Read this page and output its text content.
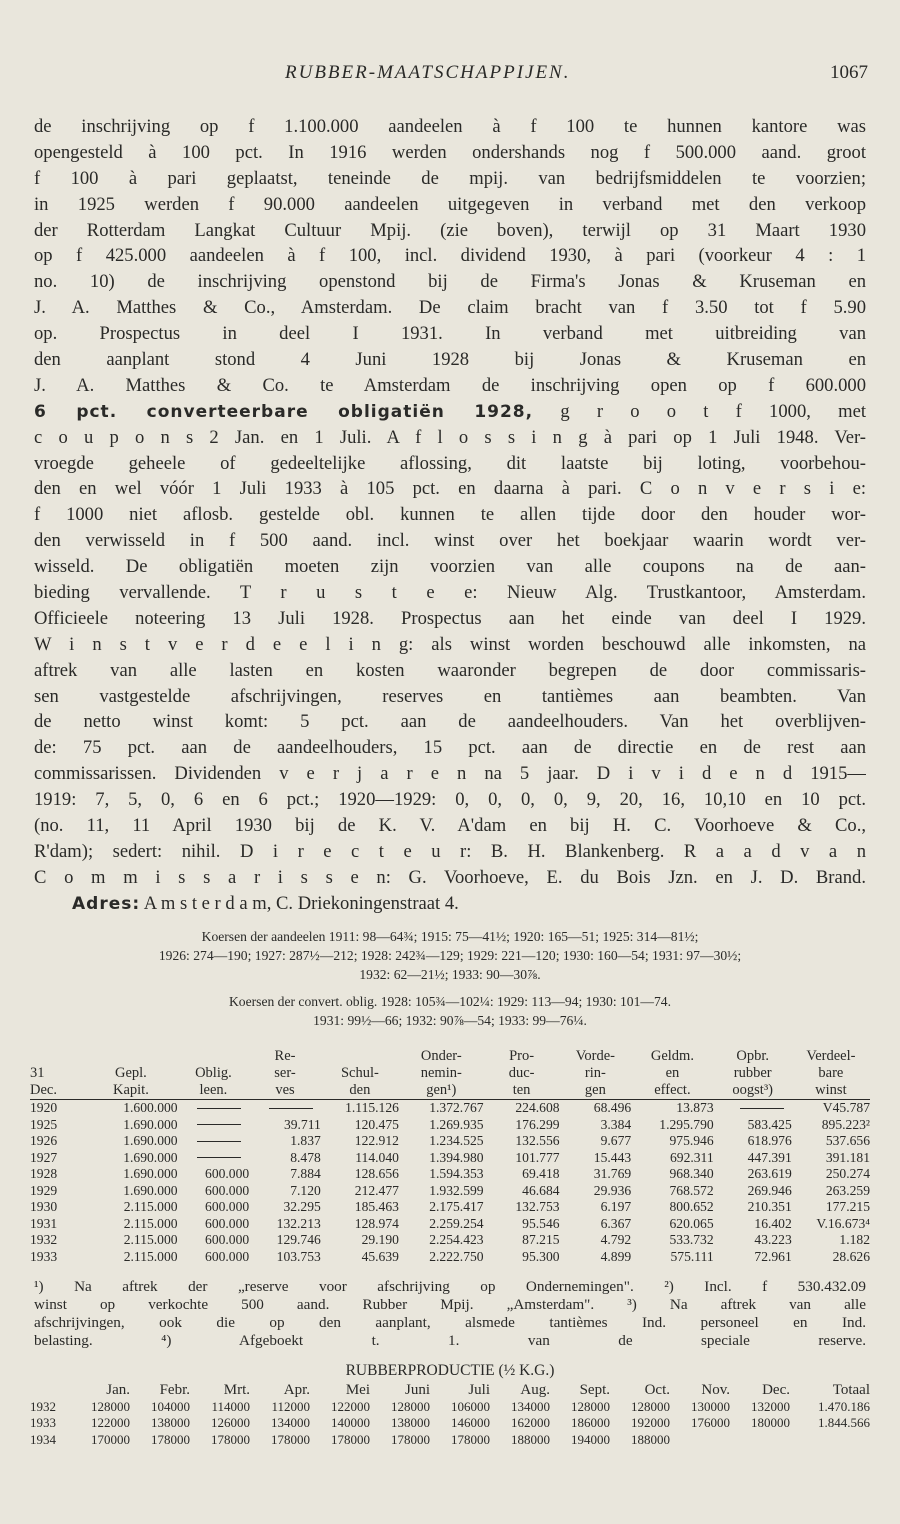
RUBBER-MAATSCHAPPIJEN.	1067
de inschrijving op f 1.100.000 aandeelen à f 100 te hunnen kantore was
opengesteld à 100 pct. In 1916 werden ondershands nog f 500.000 aand. groot
f 100 à pari geplaatst, teneinde de mpij. van bedrijfsmiddelen te voorzien;
in 1925 werden f 90.000 aandeelen uitgegeven in verband met den verkoop
der Rotterdam Langkat Cultuur Mpij. (zie boven), terwijl op 31 Maart 1930
op f 425.000 aandeelen à f 100, incl. dividend 1930, à pari (voorkeur 4 : 1
no. 10) de inschrijving openstond bij de Firma's Jonas & Kruseman en
J. A. Matthes & Co., Amsterdam. De claim bracht van f 3.50 tot f 5.90
op. Prospectus in deel I 1931. In verband met uitbreiding van
den aanplant stond 4 Juni 1928 bij Jonas & Kruseman en
J. A. Matthes & Co. te Amsterdam de inschrijving open op f 600.000
6 pct. converteerbare obligatiën 1928, g r o o t f 1000, met
c o u p o n s 2 Jan. en 1 Juli. A f l o s s i n g à pari op 1 Juli 1948. Ver-
vroegde geheele of gedeeltelijke aflossing, dit laatste bij loting, voorbehou-
den en wel vóór 1 Juli 1933 à 105 pct. en daarna à pari. C o n v e r s i e:
f 1000 niet aflosb. gestelde obl. kunnen te allen tijde door den houder wor-
den verwisseld in f 500 aand. incl. winst over het boekjaar waarin wordt ver-
wisseld. De obligatiën moeten zijn voorzien van alle coupons na de aan-
bieding vervallende. T r u s t e e: Nieuw Alg. Trustkantoor, Amsterdam.
Officieele noteering 13 Juli 1928. Prospectus aan het einde van deel I 1929.
W i n s t v e r d e e l i n g: als winst worden beschouwd alle inkomsten, na
aftrek van alle lasten en kosten waaronder begrepen de door commissaris-
sen vastgestelde afschrijvingen, reserves en tantièmes aan beambten. Van
de netto winst komt: 5 pct. aan de aandeelhouders. Van het overblijven-
de: 75 pct. aan de aandeelhouders, 15 pct. aan de directie en de rest aan
commissarissen. Dividenden v e r j a r e n na 5 jaar. D i v i d e n d 1915—
1919: 7, 5, 0, 6 en 6 pct.; 1920—1929: 0, 0, 0, 0, 9, 20, 16, 10,10 en 10 pct.
(no. 11, 11 April 1930 bij de K. V. A'dam en bij H. C. Voorhoeve & Co.,
R'dam); sedert: nihil. D i r e c t e u r: B. H. Blankenberg. R a a d v a n
C o m m i s s a r i s s e n: G. Voorhoeve, E. du Bois Jzn. en J. D. Brand.
Adres: A m s t e r d a m, C. Driekoningenstraat 4.
Koersen der aandeelen 1911: 98—64¾; 1915: 75—41½; 1920: 165—51; 1925: 314—81½;
1926: 274—190; 1927: 287½—212; 1928: 242¾—129; 1929: 221—120; 1930: 160—54; 1931: 97—30½;
1932: 62—21½; 1933: 90—30⅞.
Koersen der convert. oblig. 1928: 105¾—102¼: 1929: 113—94; 1930: 101—74.
1931: 99½—66; 1932: 90⅞—54; 1933: 99—76¼.
			Re-		Onder-	Pro-	Vorde-	Geldm.	Opbr.	Verdeel-
31	Gepl.	Oblig.	ser-	Schul-	nemin-	duc-	rin-	en	rubber	bare
Dec.	Kapit.	leen.	ves	den	gen¹)	ten	gen	effect.	oogst³)	winst
1920	1.600.000			1.115.126	1.372.767	224.608	68.496	13.873		V45.787
1925	1.690.000		39.711	120.475	1.269.935	176.299	3.384	1.295.790	583.425	895.223²
1926	1.690.000		1.837	122.912	1.234.525	132.556	9.677	975.946	618.976	537.656
1927	1.690.000		8.478	114.040	1.394.980	101.777	15.443	692.311	447.391	391.181
1928	1.690.000	600.000	7.884	128.656	1.594.353	69.418	31.769	968.340	263.619	250.274
1929	1.690.000	600.000	7.120	212.477	1.932.599	46.684	29.936	768.572	269.946	263.259
1930	2.115.000	600.000	32.295	185.463	2.175.417	132.753	6.197	800.652	210.351	177.215
1931	2.115.000	600.000	132.213	128.974	2.259.254	95.546	6.367	620.065	16.402	V.16.673⁴
1932	2.115.000	600.000	129.746	29.190	2.254.423	87.215	4.792	533.732	43.223	1.182
1933	2.115.000	600.000	103.753	45.639	2.222.750	95.300	4.899	575.111	72.961	28.626
¹) Na aftrek der „reserve voor afschrijving op Ondernemingen". ²) Incl. f 530.432.09
winst op verkochte 500 aand. Rubber Mpij. „Amsterdam". ³) Na aftrek van alle
afschrijvingen, ook die op den aanplant, alsmede tantièmes Ind. personeel en Ind.
belasting. ⁴) Afgeboekt t. 1. van de speciale reserve.
RUBBERPRODUCTIE (½ K.G.)
	Jan.	Febr.	Mrt.	Apr.	Mei	Juni	Juli	Aug.	Sept.	Oct.	Nov.	Dec.	Totaal
1932	128000	104000	114000	112000	122000	128000	106000	134000	128000	128000	130000	132000	1.470.186
1933	122000	138000	126000	134000	140000	138000	146000	162000	186000	192000	176000	180000	1.844.566
1934	170000	178000	178000	178000	178000	178000	178000	188000	194000	188000			
